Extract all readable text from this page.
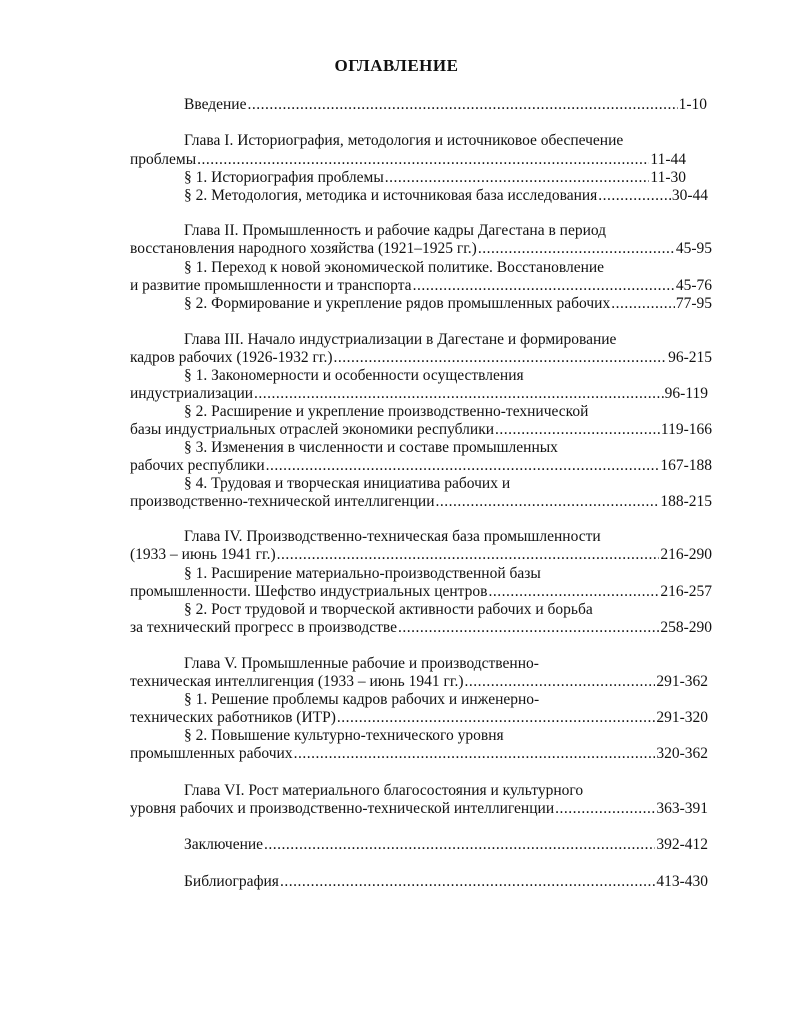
ОГЛАВЛЕНИЕ
Введение .....	1-10
Глава I. Историография, методология и источниковое обеспечение
проблемы .....	11-44
§ 1. Историография проблемы .....	11-30
§ 2. Методология, методика и источниковая база исследования .....	30-44
Глава II. Промышленность и рабочие кадры Дагестана в период
восстановления народного хозяйства (1921–1925 гг.) .....	45-95
§ 1. Переход к новой экономической политике. Восстановление
и развитие промышленности и транспорта .....	45-76
§ 2. Формирование и укрепление рядов промышленных рабочих .....	77-95
Глава III. Начало индустриализации в Дагестане и формирование
кадров рабочих (1926-1932 гг.) .....	96-215
§ 1. Закономерности и особенности осуществления
индустриализации .....	96-119
§ 2. Расширение и укрепление производственно-технической
базы индустриальных отраслей экономики республики .....	119-166
§ 3. Изменения в численности и составе промышленных
рабочих республики .....	167-188
§ 4. Трудовая и творческая инициатива рабочих и
производственно-технической интеллигенции .....	188-215
Глава IV. Производственно-техническая база промышленности
(1933 – июнь 1941 гг.) .....	216-290
§ 1. Расширение материально-производственной базы
промышленности. Шефство индустриальных центров .....	216-257
§ 2. Рост трудовой и творческой активности рабочих и борьба
за технический прогресс в производстве .....	258-290
Глава V. Промышленные рабочие и производственно-
техническая интеллигенция (1933 – июнь 1941 гг.) .....	291-362
§ 1. Решение проблемы кадров рабочих и инженерно-
технических работников (ИТР) .....	291-320
§ 2. Повышение культурно-технического уровня
промышленных рабочих .....	320-362
Глава VI. Рост материального благосостояния и культурного
уровня рабочих и производственно-технической интеллигенции .....	363-391
Заключение .....	392-412
Библиография .....	413-430
